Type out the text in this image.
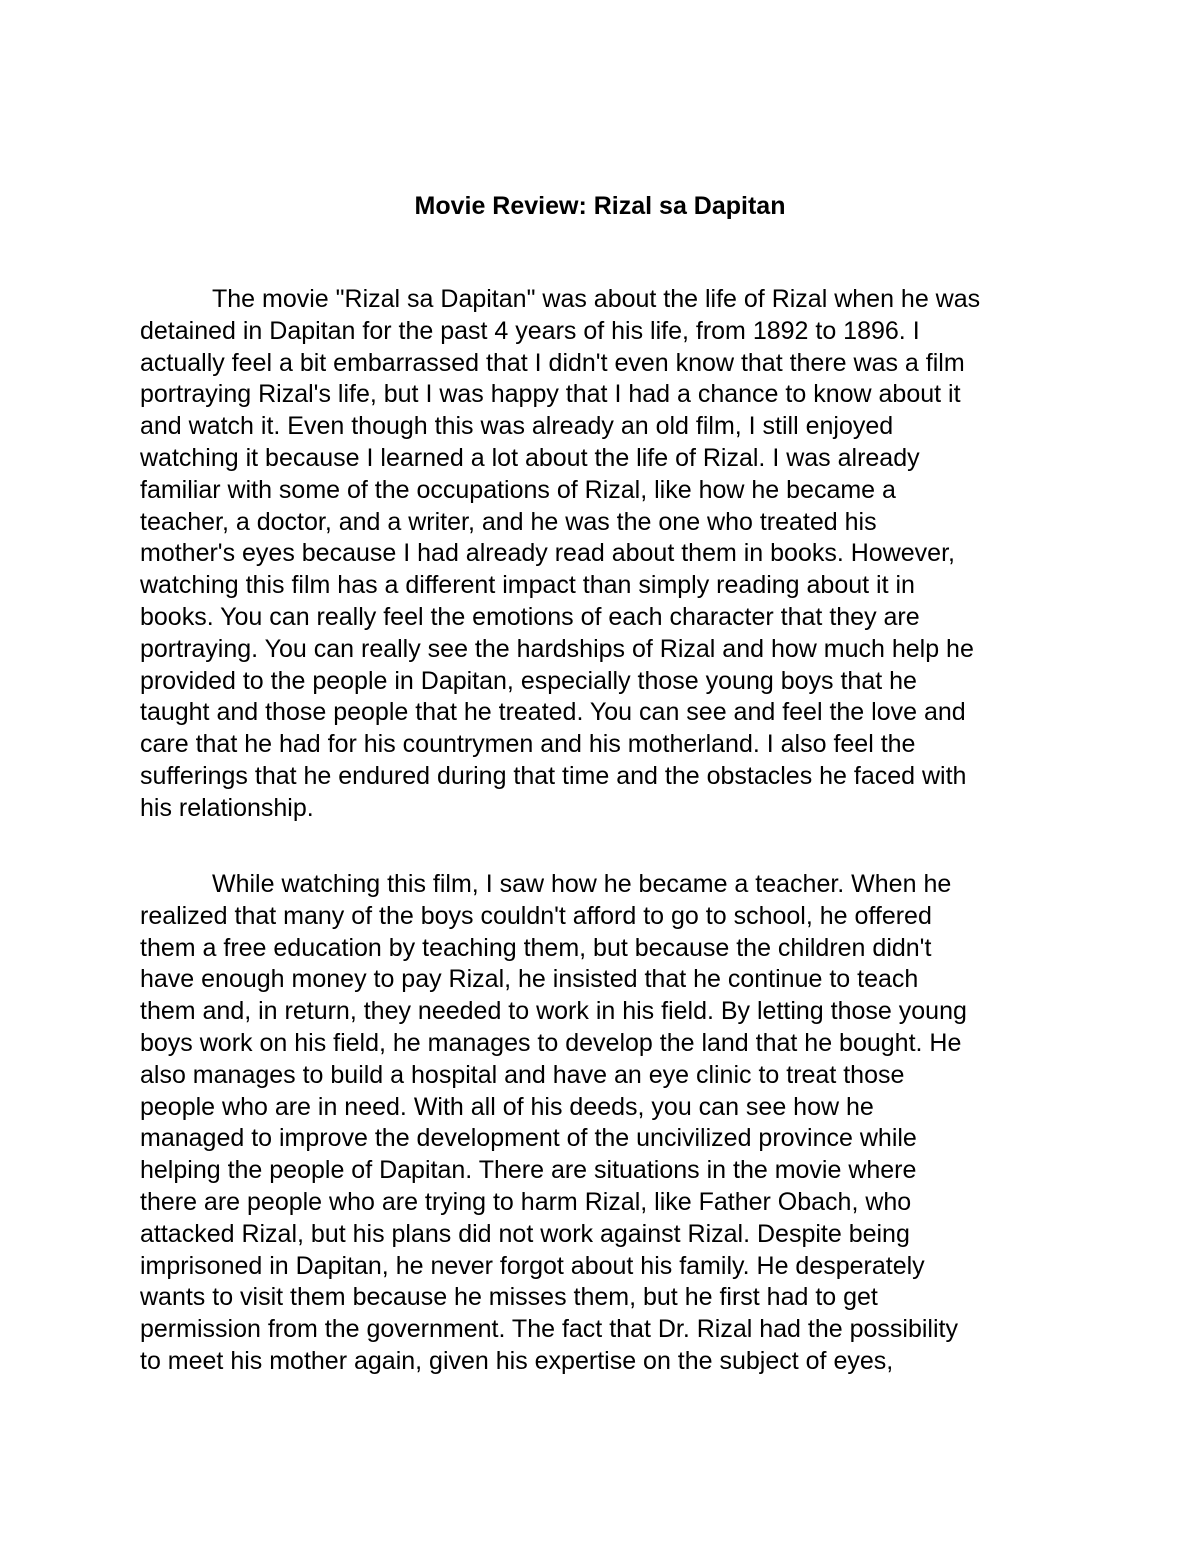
Movie Review: Rizal sa Dapitan

The movie "Rizal sa Dapitan" was about the life of Rizal when he was
detained in Dapitan for the past 4 years of his life, from 1892 to 1896. I
actually feel a bit embarrassed that I didn't even know that there was a film
portraying Rizal's life, but I was happy that I had a chance to know about it
and watch it. Even though this was already an old film, I still enjoyed
watching it because I learned a lot about the life of Rizal. I was already
familiar with some of the occupations of Rizal, like how he became a
teacher, a doctor, and a writer, and he was the one who treated his
mother's eyes because I had already read about them in books. However,
watching this film has a different impact than simply reading about it in
books. You can really feel the emotions of each character that they are
portraying. You can really see the hardships of Rizal and how much help he
provided to the people in Dapitan, especially those young boys that he
taught and those people that he treated. You can see and feel the love and
care that he had for his countrymen and his motherland. I also feel the
sufferings that he endured during that time and the obstacles he faced with
his relationship.

While watching this film, I saw how he became a teacher. When he
realized that many of the boys couldn't afford to go to school, he offered
them a free education by teaching them, but because the children didn't
have enough money to pay Rizal, he insisted that he continue to teach
them and, in return, they needed to work in his field. By letting those young
boys work on his field, he manages to develop the land that he bought. He
also manages to build a hospital and have an eye clinic to treat those
people who are in need. With all of his deeds, you can see how he
managed to improve the development of the uncivilized province while
helping the people of Dapitan. There are situations in the movie where
there are people who are trying to harm Rizal, like Father Obach, who
attacked Rizal, but his plans did not work against Rizal. Despite being
imprisoned in Dapitan, he never forgot about his family. He desperately
wants to visit them because he misses them, but he first had to get
permission from the government. The fact that Dr. Rizal had the possibility
to meet his mother again, given his expertise on the subject of eyes,
